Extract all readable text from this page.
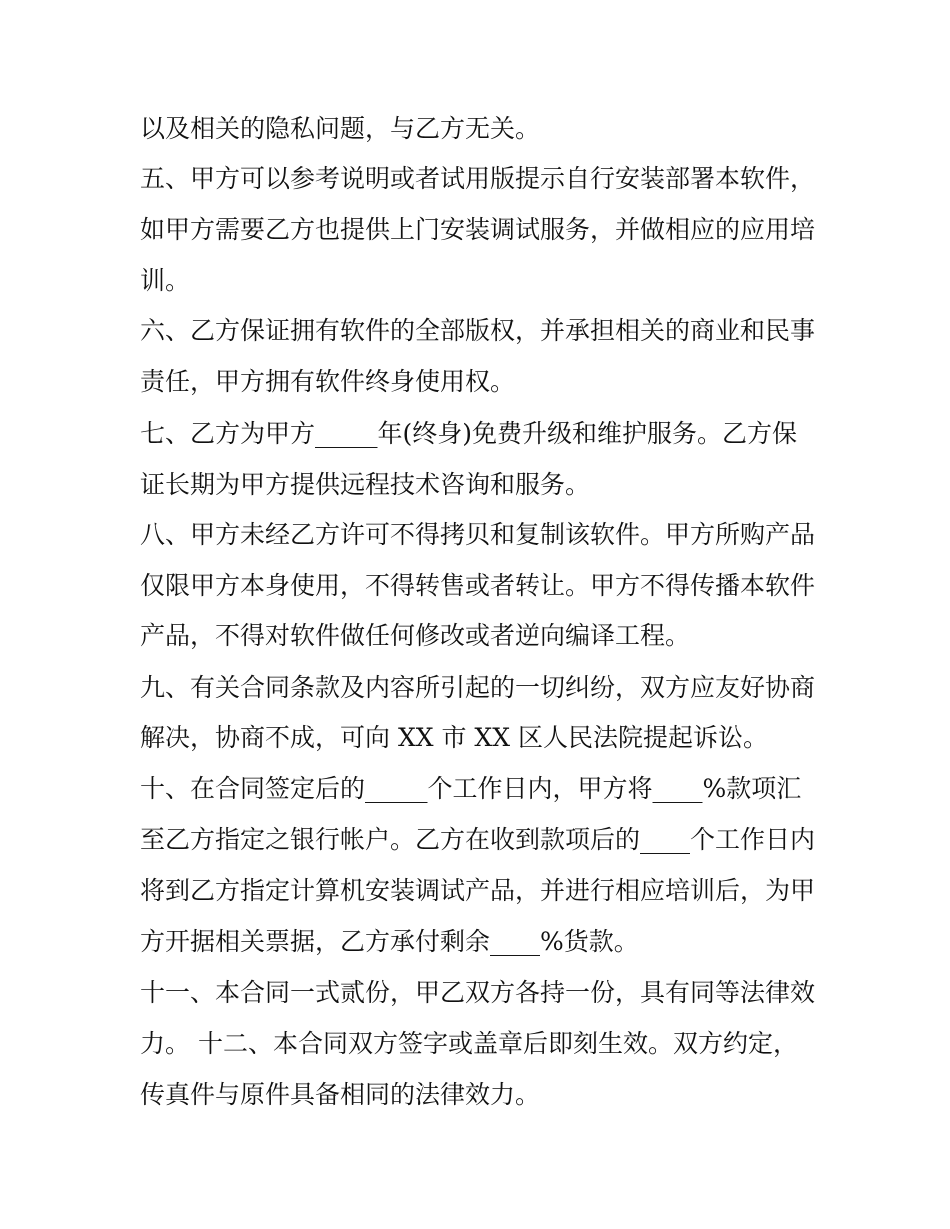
以及相关的隐私问题，与乙方无关。
五、甲方可以参考说明或者试用版提示自行安装部署本软件，
如甲方需要乙方也提供上门安装调试服务，并做相应的应用培
训。
六、乙方保证拥有软件的全部版权，并承担相关的商业和民事
责任，甲方拥有软件终身使用权。
七、乙方为甲方_____年(终身)免费升级和维护服务。乙方保
证长期为甲方提供远程技术咨询和服务。
八、甲方未经乙方许可不得拷贝和复制该软件。甲方所购产品
仅限甲方本身使用，不得转售或者转让。甲方不得传播本软件
产品，不得对软件做任何修改或者逆向编译工程。
九、有关合同条款及内容所引起的一切纠纷，双方应友好协商
解决，协商不成，可向 XX 市 XX 区人民法院提起诉讼。
十、在合同签定后的_____个工作日内，甲方将____%款项汇
至乙方指定之银行帐户。乙方在收到款项后的____个工作日内
将到乙方指定计算机安装调试产品，并进行相应培训后，为甲
方开据相关票据，乙方承付剩余____%货款。
十一、本合同一式贰份，甲乙双方各持一份，具有同等法律效
力。 十二、本合同双方签字或盖章后即刻生效。双方约定，
传真件与原件具备相同的法律效力。
